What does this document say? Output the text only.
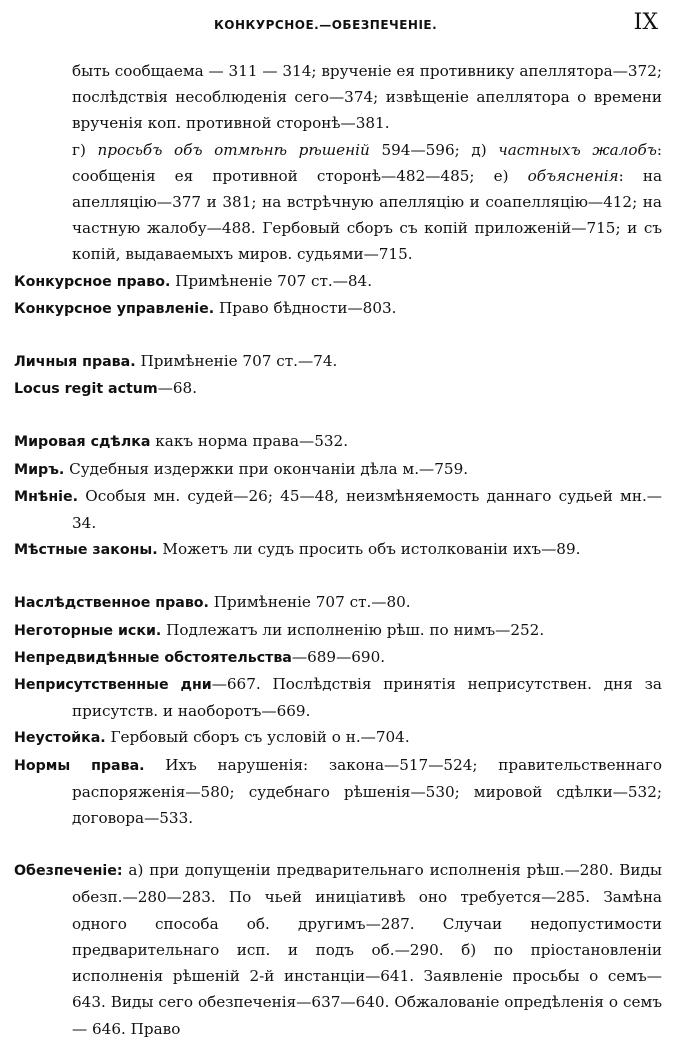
КОНКУРСНОЕ.—ОБЕЗПЕЧЕНІЕ.	IX

быть сообщаема — 311 — 314; врученіе ея противнику апеллятора—372; послѣдствія несоблюденія сего—374; извѣщеніе апеллятора о времени врученія коп. противной сторонѣ—381.

г) просьбъ объ отмѣнѣ рѣшеній 594—596; д) частныхъ жалобъ: сообщенія ея противной сторонѣ—482—485; е) объясненія: на апелляцію—377 и 381; на встрѣчную апелляцію и соапелляцію—412; на частную жалобу—488. Гербовый сборъ съ копій приложеній—715; и съ копій, выдаваемыхъ миров. судьями—715.

Конкурсное право. Примѣненіе 707 ст.—84.

Конкурсное управленіе. Право бѣдности—803.

Личныя права. Примѣненіе 707 ст.—74.

Locus regit actum—68.

Мировая сдѣлка какъ норма права—532.

Миръ. Судебныя издержки при окончаніи дѣла м.—759.

Мнѣніе. Особыя мн. судей—26; 45—48, неизмѣняемость даннаго судьей мн.—34.

Мѣстные законы. Можетъ ли судъ просить объ истолкованіи ихъ—89.

Наслѣдственное право. Примѣненіе 707 ст.—80.

Неготорные иски. Подлежатъ ли исполненію рѣш. по нимъ—252.

Непредвидѣнные обстоятельства—689—690.

Неприсутственные дни—667. Послѣдствія принятія неприсутствен. дня за присутств. и наоборотъ—669.

Неустойка. Гербовый сборъ съ условій о н.—704.

Нормы права. Ихъ нарушенія: закона—517—524; правительственнаго распоряженія—580; судебнаго рѣшенія—530; мировой сдѣлки—532; договора—533.

Обезпеченіе: а) при допущеніи предварительнаго исполненія рѣш.—280. Виды обезп.—280—283. По чьей иниціативѣ оно требуется—285. Замѣна одного способа об. другимъ—287. Случаи недопустимости предварительнаго исп. и подъ об.—290. б) по пріостановленіи исполненія рѣшеній 2-й инстанціи—641. Заявленіе просьбы о семъ—643. Виды сего обезпеченія—637—640. Обжалованіе опредѣленія о семъ — 646. Право
